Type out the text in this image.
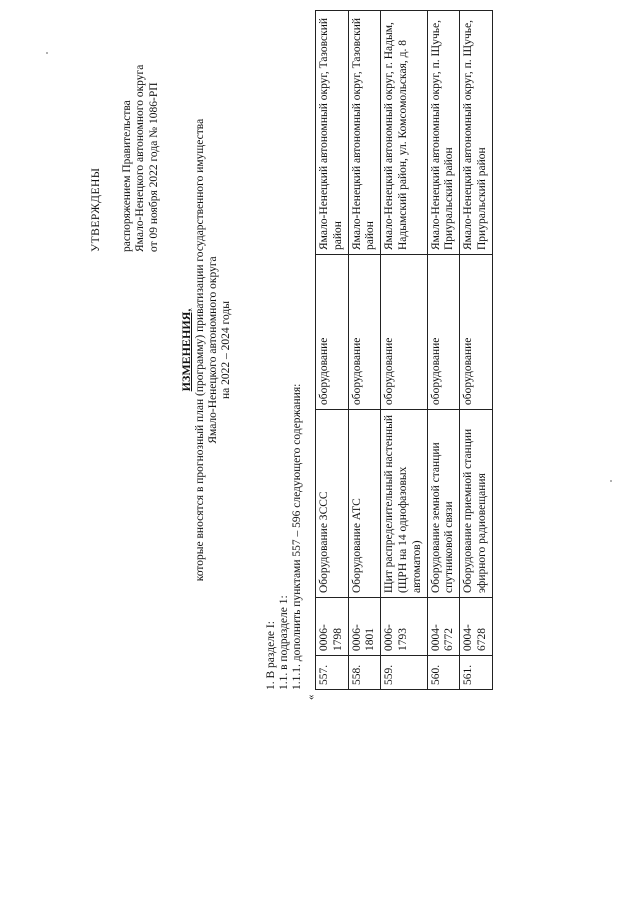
УТВЕРЖДЕНЫ распоряжением Правительства Ямало-Ненецкого автономного округа от 09 ноября 2022 года № 1086-РП
ИЗМЕНЕНИЯ, которые вносятся в прогнозный план (программу) приватизации государственного имущества Ямало-Ненецкого автономного округа на 2022 – 2024 годы
1. В разделе I: 1.1. в подразделе 1: 1.1.1. дополнить пунктами 557 – 596 следующего содержания:
«
557.	0006-1798	Оборудование ЗССС	оборудование	Ямало-Ненецкий автономный округ, Тазовский район
558.	0006-1801	Оборудование АТС	оборудование	Ямало-Ненецкий автономный округ, Тазовский район
559.	0006-1793	Щит распределительный настенный (ЩРН на 14 однофазовых автоматов)	оборудование	Ямало-Ненецкий автономный округ, г. Надым, Надымский район, ул. Комсомольская, д. 8
560.	0004-6772	Оборудование земной станции спутниковой связи	оборудование	Ямало-Ненецкий автономный округ, п. Щучье, Приуральский район
561.	0004-6728	Оборудование приемной станции эфирного радиовещания	оборудование	Ямало-Ненецкий автономный округ, п. Щучье, Приуральский район
